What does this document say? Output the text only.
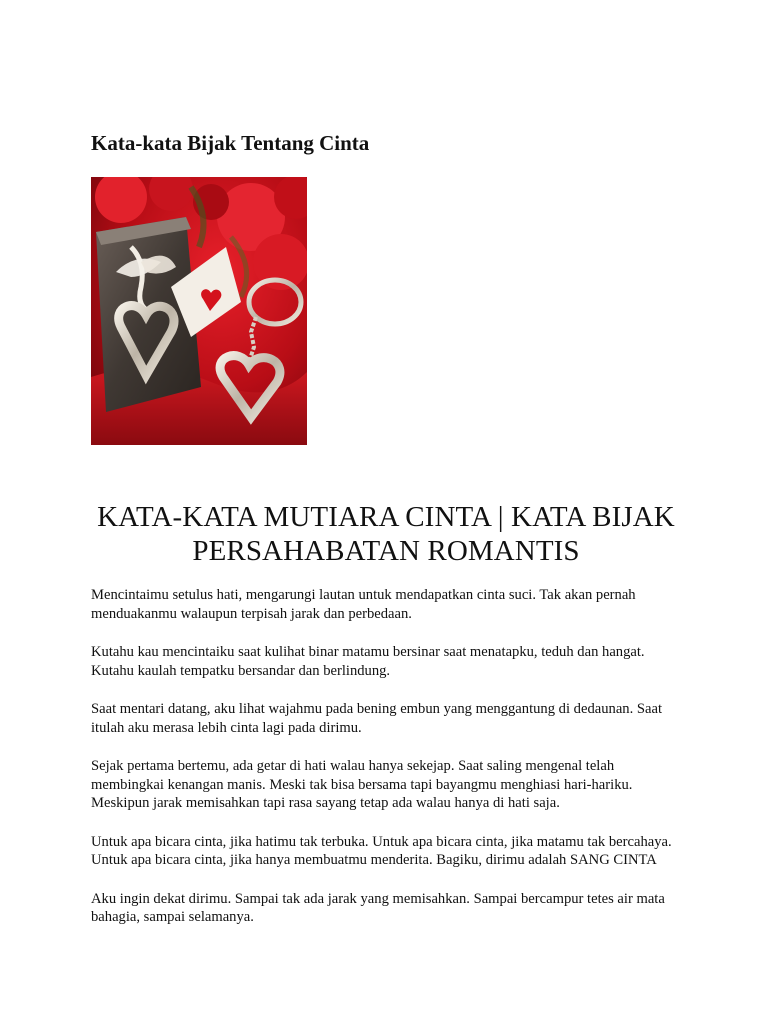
Kata-kata Bijak Tentang Cinta
KATA-KATA MUTIARA CINTA | KATA BIJAK PERSAHABATAN ROMANTIS

Mencintaimu setulus hati, mengarungi lautan untuk mendapatkan cinta suci. Tak akan pernah menduakanmu walaupun terpisah jarak dan perbedaan.

Kutahu kau mencintaiku saat kulihat binar matamu bersinar saat menatapku, teduh dan hangat. Kutahu kaulah tempatku bersandar dan berlindung.

Saat mentari datang, aku lihat wajahmu pada bening embun yang menggantung di dedaunan. Saat itulah aku merasa lebih cinta lagi pada dirimu.

Sejak pertama bertemu, ada getar di hati walau hanya sekejap. Saat saling mengenal telah membingkai kenangan manis. Meski tak bisa bersama tapi bayangmu menghiasi hari-hariku. Meskipun jarak memisahkan tapi rasa sayang tetap ada walau hanya di hati saja.

Untuk apa bicara cinta, jika hatimu tak terbuka. Untuk apa bicara cinta, jika matamu tak bercahaya. Untuk apa bicara cinta, jika hanya membuatmu menderita. Bagiku, dirimu adalah SANG CINTA

Aku ingin dekat dirimu. Sampai tak ada jarak yang memisahkan. Sampai bercampur tetes air mata bahagia, sampai selamanya.
